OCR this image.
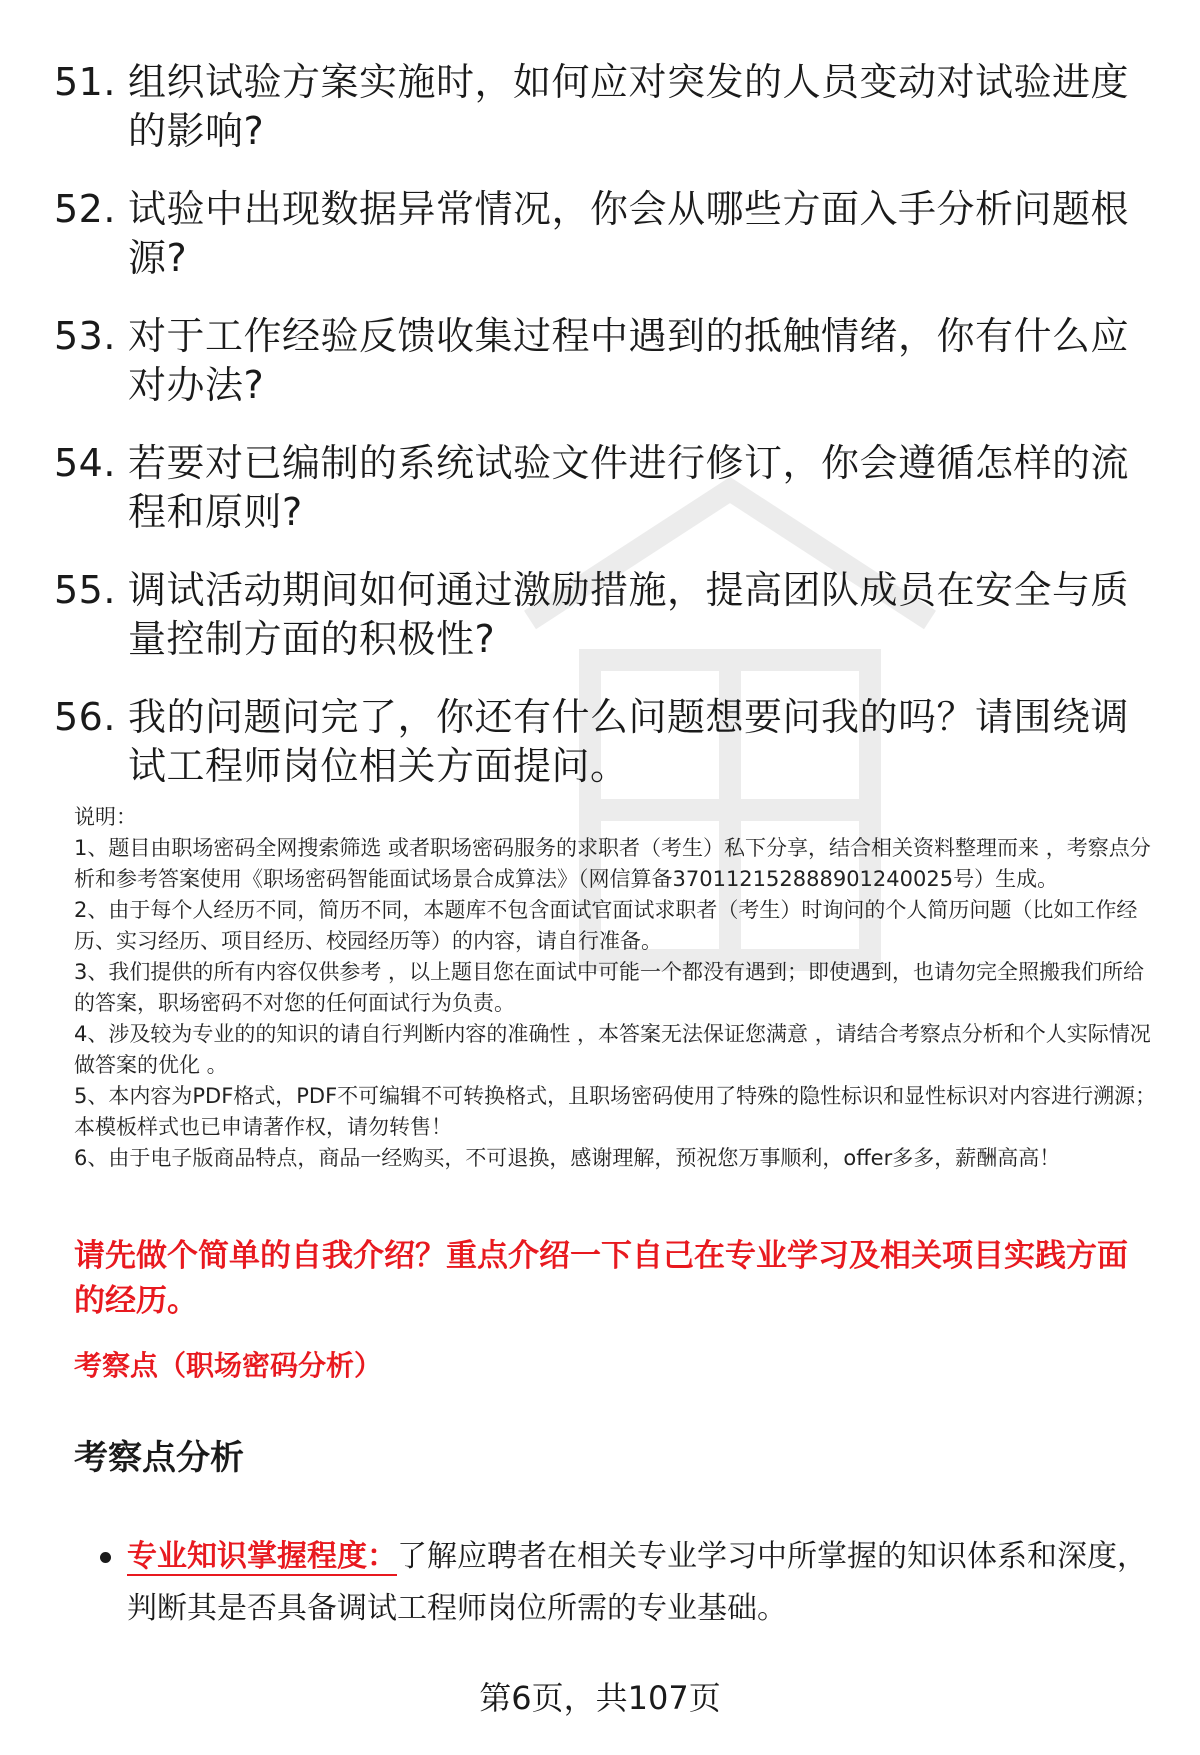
51. 组织试验方案实施时，如何应对突发的人员变动对试验进度的影响?
52. 试验中出现数据异常情况，你会从哪些方面入手分析问题根源?
53. 对于工作经验反馈收集过程中遇到的抵触情绪，你有什么应对办法?
54. 若要对已编制的系统试验文件进行修订，你会遵循怎样的流程和原则?
55. 调试活动期间如何通过激励措施，提高团队成员在安全与质量控制方面的积极性?
56. 我的问题问完了，你还有什么问题想要问我的吗？请围绕调试工程师岗位相关方面提问。

说明：

1、题目由职场密码全网搜索筛选 或者职场密码服务的求职者（考生）私下分享，结合相关资料整理而来 ，考察点分析和参考答案使用《职场密码智能面试场景合成算法》（网信算备370112152888901240025号）生成。

2、由于每个人经历不同，简历不同，本题库不包含面试官面试求职者（考生）时询问的个人简历问题（比如工作经历、实习经历、项目经历、校园经历等）的内容，请自行准备。

3、我们提供的所有内容仅供参考 ，以上题目您在面试中可能一个都没有遇到；即使遇到，也请勿完全照搬我们所给的答案，职场密码不对您的任何面试行为负责。

4、涉及较为专业的的知识的请自行判断内容的准确性 ，本答案无法保证您满意 ，请结合考察点分析和个人实际情况做答案的优化 。

5、本内容为PDF格式，PDF不可编辑不可转换格式，且职场密码使用了特殊的隐性标识和显性标识对内容进行溯源；本模板样式也已申请著作权，请勿转售！

6、由于电子版商品特点，商品一经购买，不可退换，感谢理解，预祝您万事顺利，offer多多，薪酬高高！

请先做个简单的自我介绍？重点介绍一下自己在专业学习及相关项目实践方面的经历。
考察点（职场密码分析）
考察点分析
专业知识掌握程度：了解应聘者在相关专业学习中所掌握的知识体系和深度，判断其是否具备调试工程师岗位所需的专业基础。
第6页，共107页
